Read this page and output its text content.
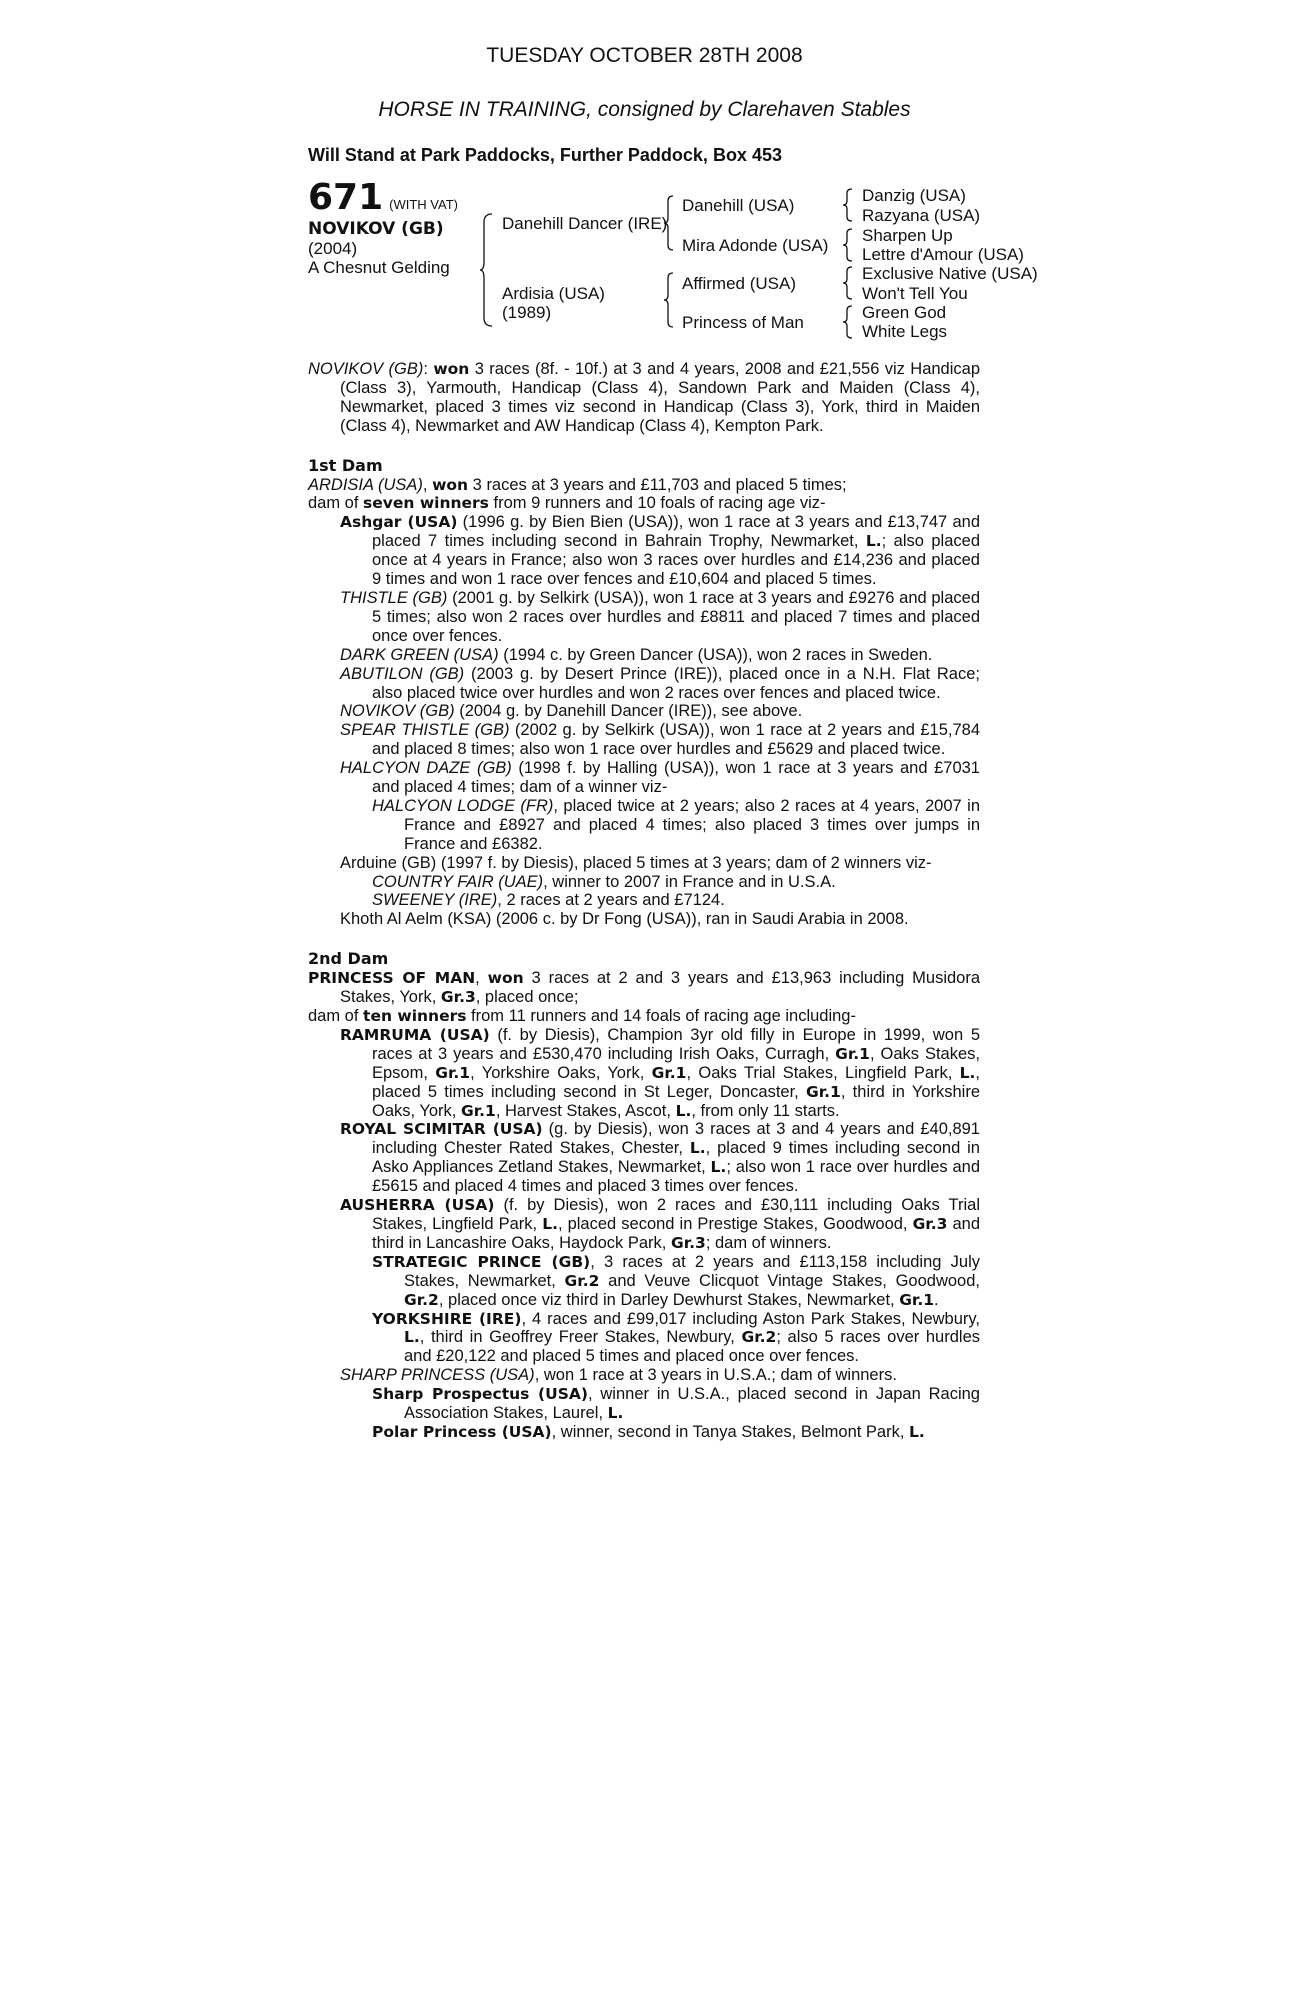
TUESDAY OCTOBER 28TH 2008
HORSE IN TRAINING, consigned by Clarehaven Stables
Will Stand at Park Paddocks, Further Paddock, Box 453
671 (WITH VAT)
NOVIKOV (GB)
(2004)
A Chesnut Gelding
Danehill Dancer (IRE)
Ardisia (USA)
(1989)
Danehill (USA)
Mira Adonde (USA)
Affirmed (USA)
Princess of Man
Danzig (USA)
Razyana (USA)
Sharpen Up
Lettre d'Amour (USA)
Exclusive Native (USA)
Won't Tell You
Green God
White Legs

NOVIKOV (GB): won 3 races (8f. - 10f.) at 3 and 4 years, 2008 and £21,556 viz Handicap (Class 3), Yarmouth, Handicap (Class 4), Sandown Park and Maiden (Class 4), Newmarket, placed 3 times viz second in Handicap (Class 3), York, third in Maiden (Class 4), Newmarket and AW Handicap (Class 4), Kempton Park.

1st Dam

ARDISIA (USA), won 3 races at 3 years and £11,703 and placed 5 times;

dam of seven winners from 9 runners and 10 foals of racing age viz-

Ashgar (USA) (1996 g. by Bien Bien (USA)), won 1 race at 3 years and £13,747 and placed 7 times including second in Bahrain Trophy, Newmarket, L.; also placed once at 4 years in France; also won 3 races over hurdles and £14,236 and placed 9 times and won 1 race over fences and £10,604 and placed 5 times.

THISTLE (GB) (2001 g. by Selkirk (USA)), won 1 race at 3 years and £9276 and placed 5 times; also won 2 races over hurdles and £8811 and placed 7 times and placed once over fences.

DARK GREEN (USA) (1994 c. by Green Dancer (USA)), won 2 races in Sweden.

ABUTILON (GB) (2003 g. by Desert Prince (IRE)), placed once in a N.H. Flat Race; also placed twice over hurdles and won 2 races over fences and placed twice.

NOVIKOV (GB) (2004 g. by Danehill Dancer (IRE)), see above.

SPEAR THISTLE (GB) (2002 g. by Selkirk (USA)), won 1 race at 2 years and £15,784 and placed 8 times; also won 1 race over hurdles and £5629 and placed twice.

HALCYON DAZE (GB) (1998 f. by Halling (USA)), won 1 race at 3 years and £7031 and placed 4 times; dam of a winner viz-

HALCYON LODGE (FR), placed twice at 2 years; also 2 races at 4 years, 2007 in France and £8927 and placed 4 times; also placed 3 times over jumps in France and £6382.

Arduine (GB) (1997 f. by Diesis), placed 5 times at 3 years; dam of 2 winners viz-

COUNTRY FAIR (UAE), winner to 2007 in France and in U.S.A.

SWEENEY (IRE), 2 races at 2 years and £7124.

Khoth Al Aelm (KSA) (2006 c. by Dr Fong (USA)), ran in Saudi Arabia in 2008.

2nd Dam

PRINCESS OF MAN, won 3 races at 2 and 3 years and £13,963 including Musidora Stakes, York, Gr.3, placed once;

dam of ten winners from 11 runners and 14 foals of racing age including-

RAMRUMA (USA) (f. by Diesis), Champion 3yr old filly in Europe in 1999, won 5 races at 3 years and £530,470 including Irish Oaks, Curragh, Gr.1, Oaks Stakes, Epsom, Gr.1, Yorkshire Oaks, York, Gr.1, Oaks Trial Stakes, Lingfield Park, L., placed 5 times including second in St Leger, Doncaster, Gr.1, third in Yorkshire Oaks, York, Gr.1, Harvest Stakes, Ascot, L., from only 11 starts.

ROYAL SCIMITAR (USA) (g. by Diesis), won 3 races at 3 and 4 years and £40,891 including Chester Rated Stakes, Chester, L., placed 9 times including second in Asko Appliances Zetland Stakes, Newmarket, L.; also won 1 race over hurdles and £5615 and placed 4 times and placed 3 times over fences.

AUSHERRA (USA) (f. by Diesis), won 2 races and £30,111 including Oaks Trial Stakes, Lingfield Park, L., placed second in Prestige Stakes, Goodwood, Gr.3 and third in Lancashire Oaks, Haydock Park, Gr.3; dam of winners.

STRATEGIC PRINCE (GB), 3 races at 2 years and £113,158 including July Stakes, Newmarket, Gr.2 and Veuve Clicquot Vintage Stakes, Goodwood, Gr.2, placed once viz third in Darley Dewhurst Stakes, Newmarket, Gr.1.

YORKSHIRE (IRE), 4 races and £99,017 including Aston Park Stakes, Newbury, L., third in Geoffrey Freer Stakes, Newbury, Gr.2; also 5 races over hurdles and £20,122 and placed 5 times and placed once over fences.

SHARP PRINCESS (USA), won 1 race at 3 years in U.S.A.; dam of winners.

Sharp Prospectus (USA), winner in U.S.A., placed second in Japan Racing Association Stakes, Laurel, L.

Polar Princess (USA), winner, second in Tanya Stakes, Belmont Park, L.
